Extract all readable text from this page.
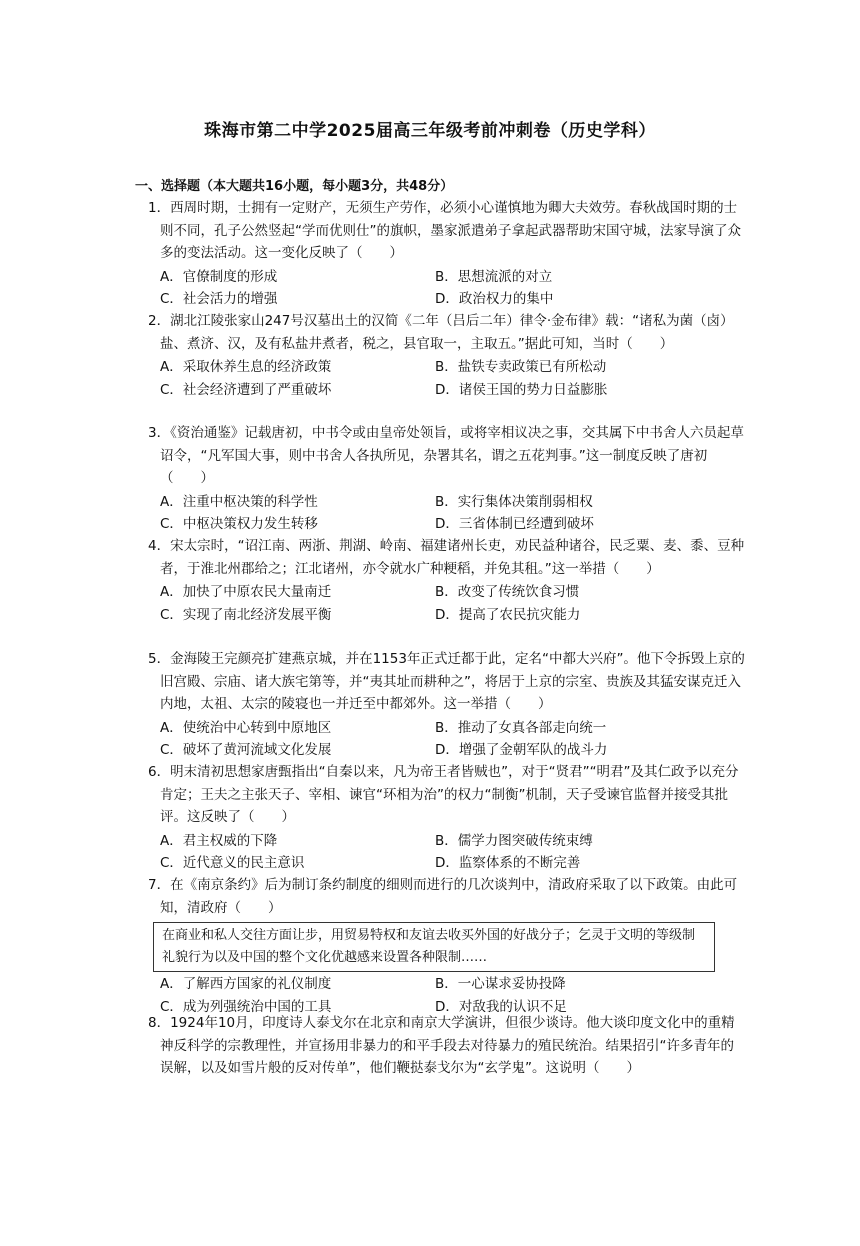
珠海市第二中学2025届高三年级考前冲刺卷（历史学科）
一、选择题（本大题共16小题，每小题3分，共48分）
1．西周时期，士拥有一定财产，无须生产劳作，必须小心谨慎地为卿大夫效劳。春秋战国时期的士则不同，孔子公然竖起“学而优则仕”的旗帜，墨家派遣弟子拿起武器帮助宋国守城，法家导演了众多的变法活动。这一变化反映了（　　）
A．官僚制度的形成	B．思想流派的对立
C．社会活力的增强	D．政治权力的集中
2．湖北江陵张家山247号汉墓出土的汉简《二年（吕后二年）律令·金布律》载：“诸私为菌（卤）盐、煮济、汉，及有私盐井煮者，税之，县官取一，主取五。”据此可知，当时（　　）
A．采取休养生息的经济政策	B．盐铁专卖政策已有所松动
C．社会经济遭到了严重破坏	D．诸侯王国的势力日益膨胀
3．《资治通鉴》记载唐初，中书令或由皇帝处领旨，或将宰相议决之事，交其属下中书舍人六员起草诏令，“凡军国大事，则中书舍人各执所见，杂署其名，谓之五花判事。”这一制度反映了唐初（　　）
A．注重中枢决策的科学性	B．实行集体决策削弱相权
C．中枢决策权力发生转移	D．三省体制已经遭到破坏
4．宋太宗时，“诏江南、两浙、荆湖、岭南、福建诸州长吏，劝民益种诸谷，民乏粟、麦、黍、豆种者，于淮北州郡给之；江北诸州，亦令就水广种粳稻，并免其租。”这一举措（　　）
A．加快了中原农民大量南迁	B．改变了传统饮食习惯
C．实现了南北经济发展平衡	D．提高了农民抗灾能力
5．金海陵王完颜亮扩建燕京城，并在1153年正式迁都于此，定名“中都大兴府”。他下令拆毁上京的旧宫殿、宗庙、诸大族宅第等，并“夷其址而耕种之”，将居于上京的宗室、贵族及其猛安谋克迁入内地，太祖、太宗的陵寝也一并迁至中都郊外。这一举措（　　）
A．使统治中心转到中原地区	B．推动了女真各部走向统一
C．破坏了黄河流域文化发展	D．增强了金朝军队的战斗力
6．明末清初思想家唐甄指出“自秦以来，凡为帝王者皆贼也”，对于“贤君”“明君”及其仁政予以充分肯定；王夫之主张天子、宰相、谏官“环相为治”的权力“制衡”机制，天子受谏官监督并接受其批评。这反映了（　　）
A．君主权威的下降	B．儒学力图突破传统束缚
C．近代意义的民主意识	D．监察体系的不断完善
7．在《南京条约》后为制订条约制度的细则而进行的几次谈判中，清政府采取了以下政策。由此可知，清政府（　　）
在商业和私人交往方面让步，用贸易特权和友谊去收买外国的好战分子；乞灵于文明的等级制礼貌行为以及中国的整个文化优越感来设置各种限制……
A．了解西方国家的礼仪制度	B．一心谋求妥协投降
C．成为列强统治中国的工具	D．对敌我的认识不足
8．1924年10月，印度诗人泰戈尔在北京和南京大学演讲，但很少谈诗。他大谈印度文化中的重精神反科学的宗教理性，并宣扬用非暴力的和平手段去对待暴力的殖民统治。结果招引“许多青年的误解，以及如雪片般的反对传单”，他们鞭挞泰戈尔为“玄学鬼”。这说明（　　）
